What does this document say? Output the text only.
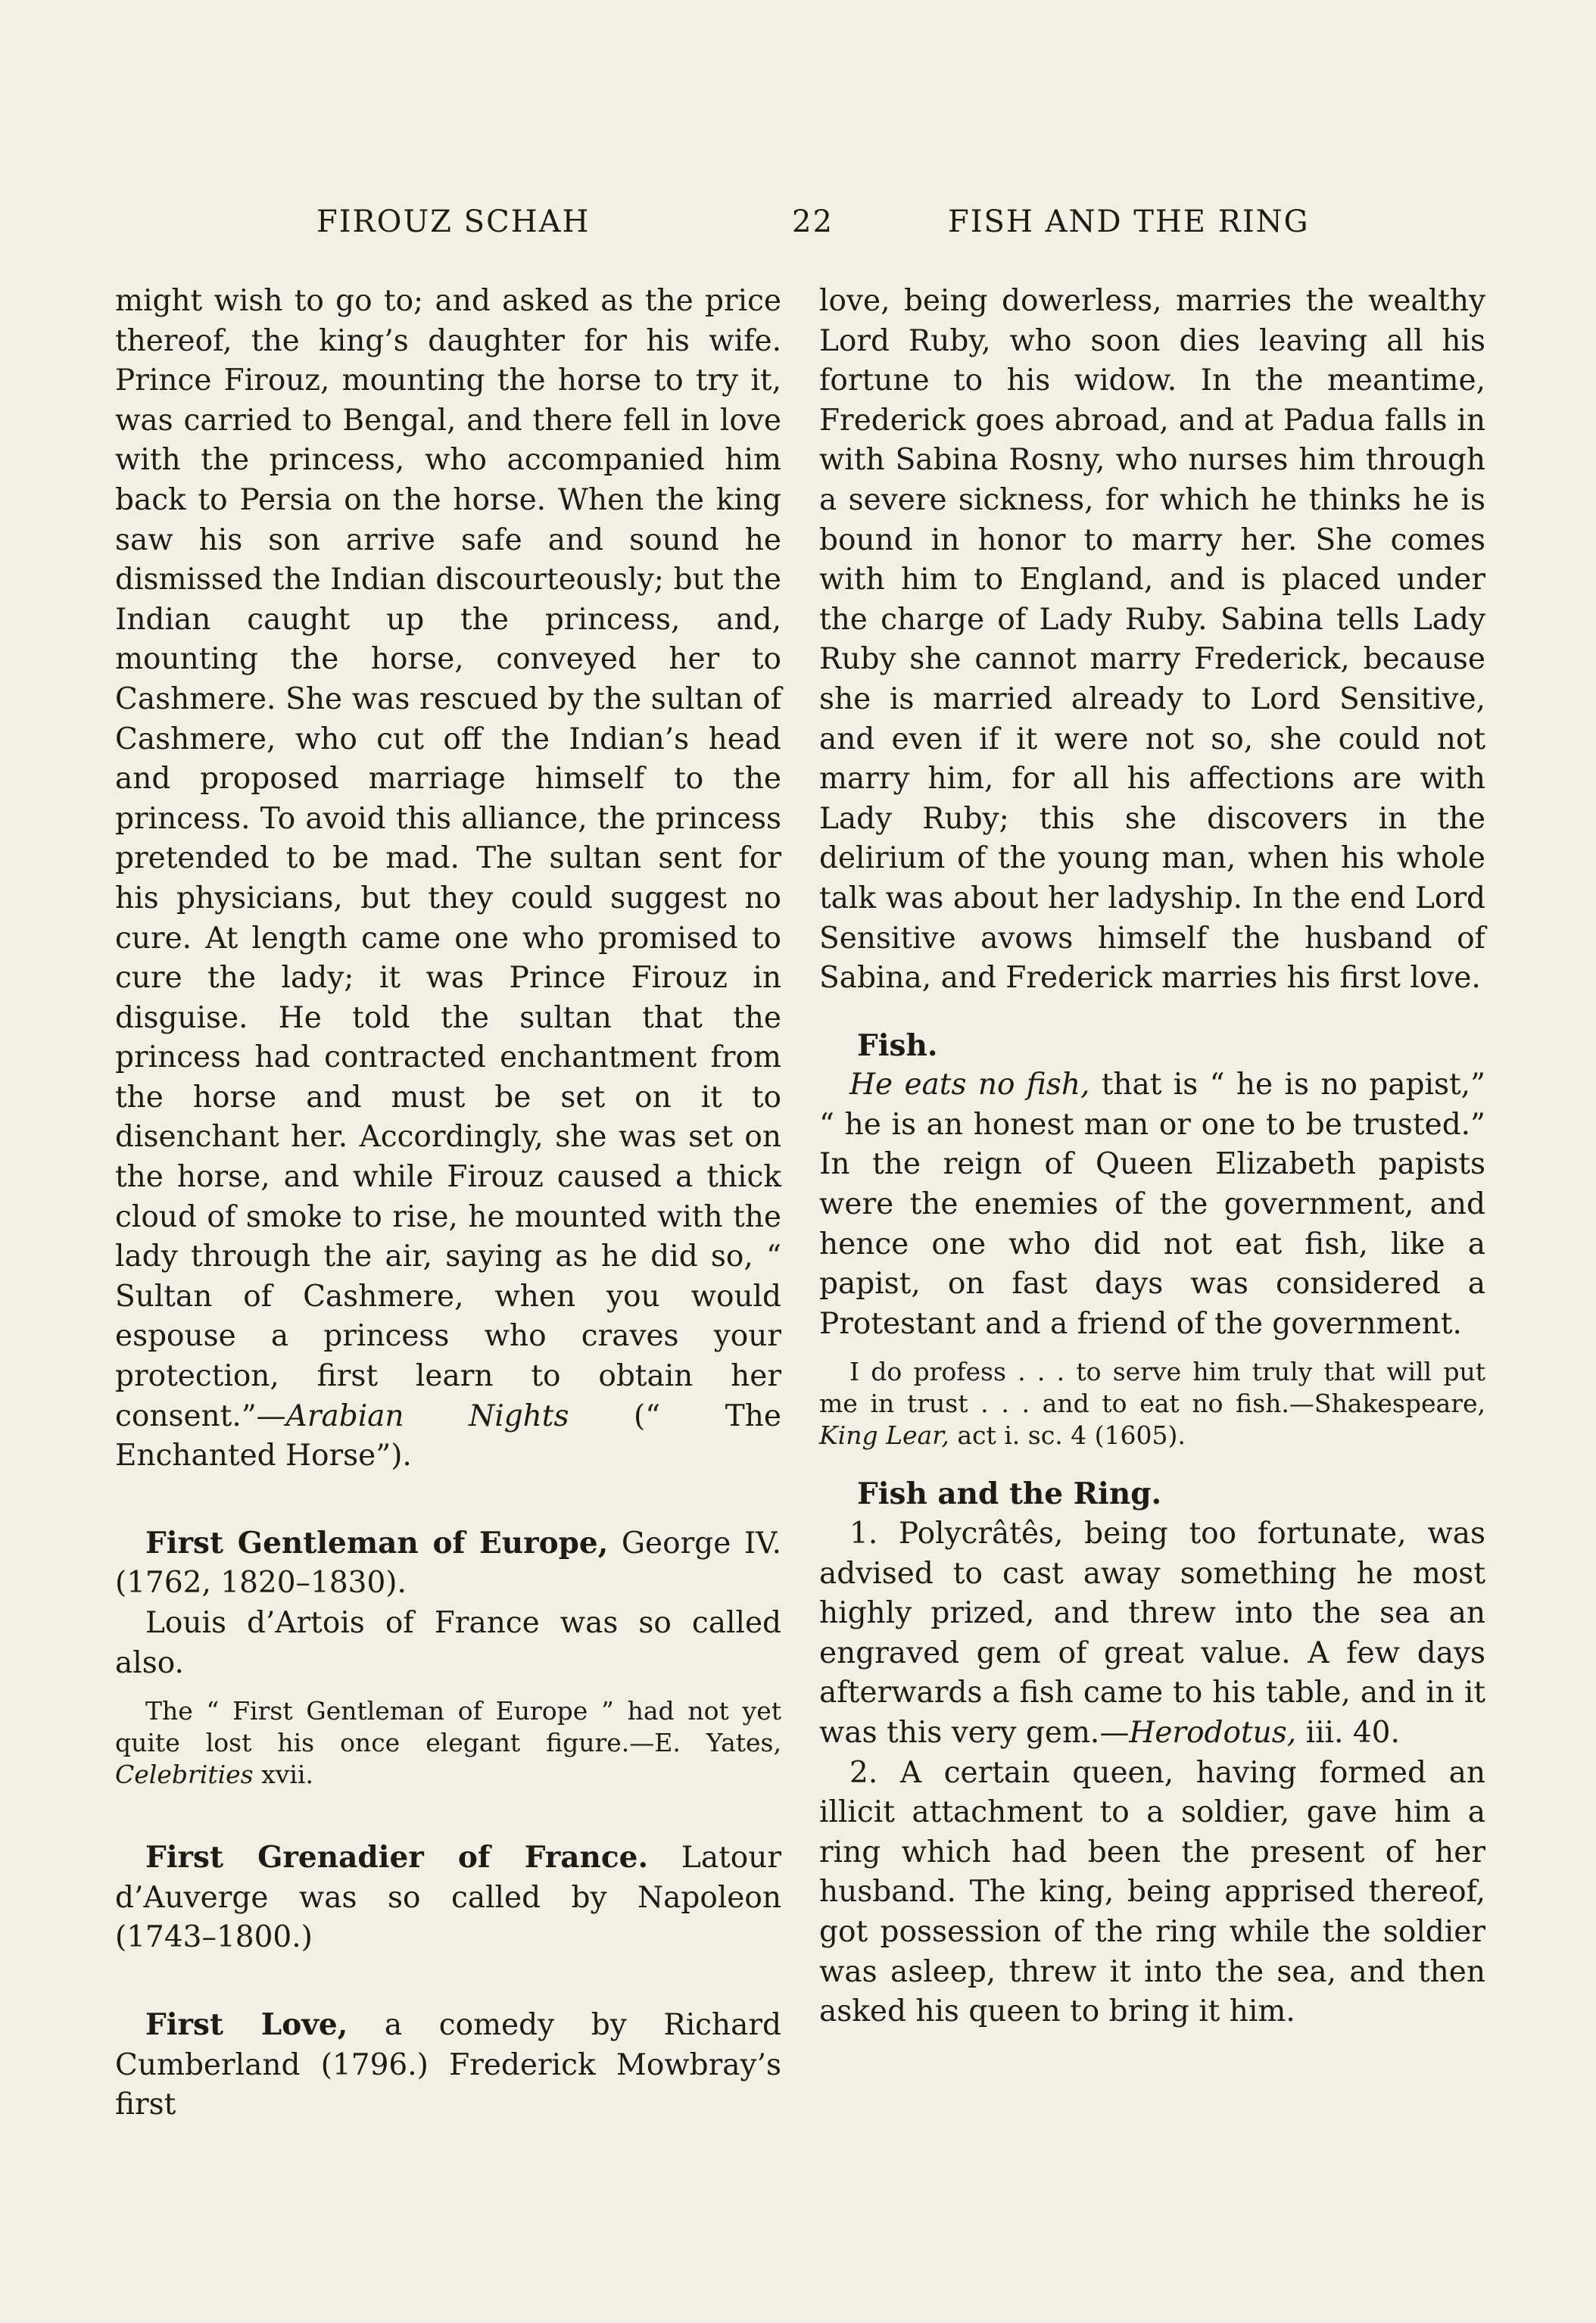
FIROUZ SCHAH	22	FISH AND THE RING

might wish to go to; and asked as the price thereof, the king’s daughter for his wife. Prince Firouz, mounting the horse to try it, was carried to Bengal, and there fell in love with the princess, who accompanied him back to Persia on the horse. When the king saw his son arrive safe and sound he dismissed the Indian discourteously; but the Indian caught up the princess, and, mounting the horse, conveyed her to Cashmere. She was rescued by the sultan of Cashmere, who cut off the Indian’s head and proposed marriage himself to the princess. To avoid this alliance, the princess pretended to be mad. The sultan sent for his physicians, but they could suggest no cure. At length came one who promised to cure the lady; it was Prince Firouz in disguise. He told the sultan that the princess had contracted enchantment from the horse and must be set on it to disenchant her. Accordingly, she was set on the horse, and while Firouz caused a thick cloud of smoke to rise, he mounted with the lady through the air, saying as he did so, “ Sultan of Cashmere, when you would espouse a princess who craves your protection, first learn to obtain her consent.”—Arabian Nights (“ The Enchanted Horse”).

First Gentleman of Europe, George IV. (1762, 1820–1830).

Louis d’Artois of France was so called also.

The “ First Gentleman of Europe ” had not yet quite lost his once elegant figure.—E. Yates, Celebrities xvii.

First Grenadier of France. Latour d’Auverge was so called by Napoleon (1743–1800.)

First Love, a comedy by Richard Cumberland (1796.) Frederick Mowbray’s first

love, being dowerless, marries the wealthy Lord Ruby, who soon dies leaving all his fortune to his widow. In the meantime, Frederick goes abroad, and at Padua falls in with Sabina Rosny, who nurses him through a severe sickness, for which he thinks he is bound in honor to marry her. She comes with him to England, and is placed under the charge of Lady Ruby. Sabina tells Lady Ruby she cannot marry Frederick, because she is married already to Lord Sensitive, and even if it were not so, she could not marry him, for all his affections are with Lady Ruby; this she discovers in the delirium of the young man, when his whole talk was about her ladyship. In the end Lord Sensitive avows himself the husband of Sabina, and Frederick marries his first love.

Fish.

He eats no fish, that is “ he is no papist,” “ he is an honest man or one to be trusted.” In the reign of Queen Elizabeth papists were the enemies of the government, and hence one who did not eat fish, like a papist, on fast days was considered a Protestant and a friend of the government.

I do profess . . . to serve him truly that will put me in trust . . . and to eat no fish.—Shakespeare, King Lear, act i. sc. 4 (1605).

Fish and the Ring.

1. Polycrâtês, being too fortunate, was advised to cast away something he most highly prized, and threw into the sea an engraved gem of great value. A few days afterwards a fish came to his table, and in it was this very gem.—Herodotus, iii. 40.

2. A certain queen, having formed an illicit attachment to a soldier, gave him a ring which had been the present of her husband. The king, being apprised thereof, got possession of the ring while the soldier was asleep, threw it into the sea, and then asked his queen to bring it him.
